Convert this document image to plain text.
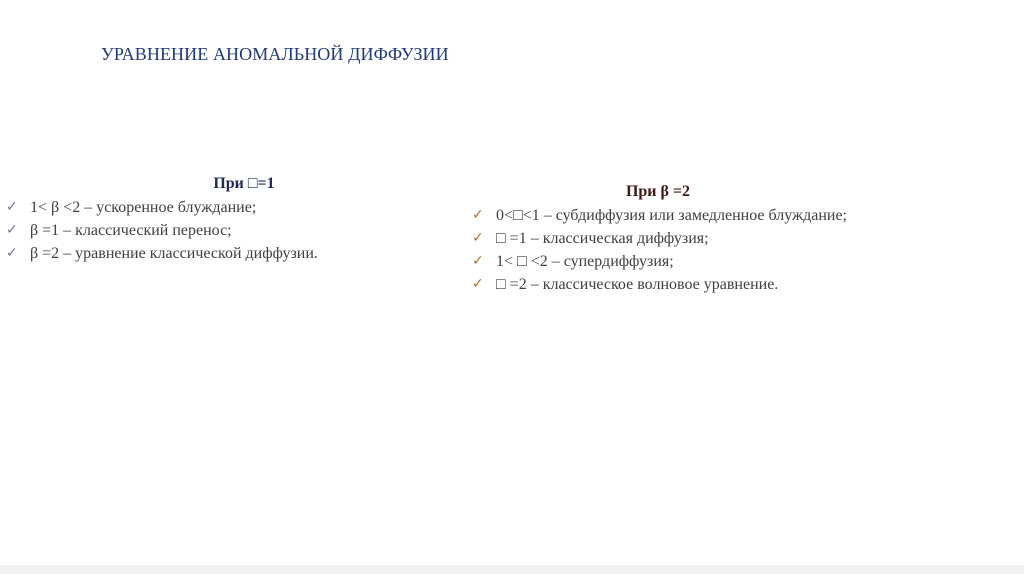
УРАВНЕНИЕ АНОМАЛЬНОЙ ДИФФУЗИИ
При □=1
✓ 1< β <2 – ускоренное блуждание;
✓ β =1 – классический перенос;
✓ β =2 – уравнение классической диффузии.
При β =2
✓ 0<□<1 – субдиффузия или замедленное блуждание;
✓ □ =1 – классическая диффузия;
✓ 1< □ <2 – супердиффузия;
✓ □ =2 – классическое волновое уравнение.
